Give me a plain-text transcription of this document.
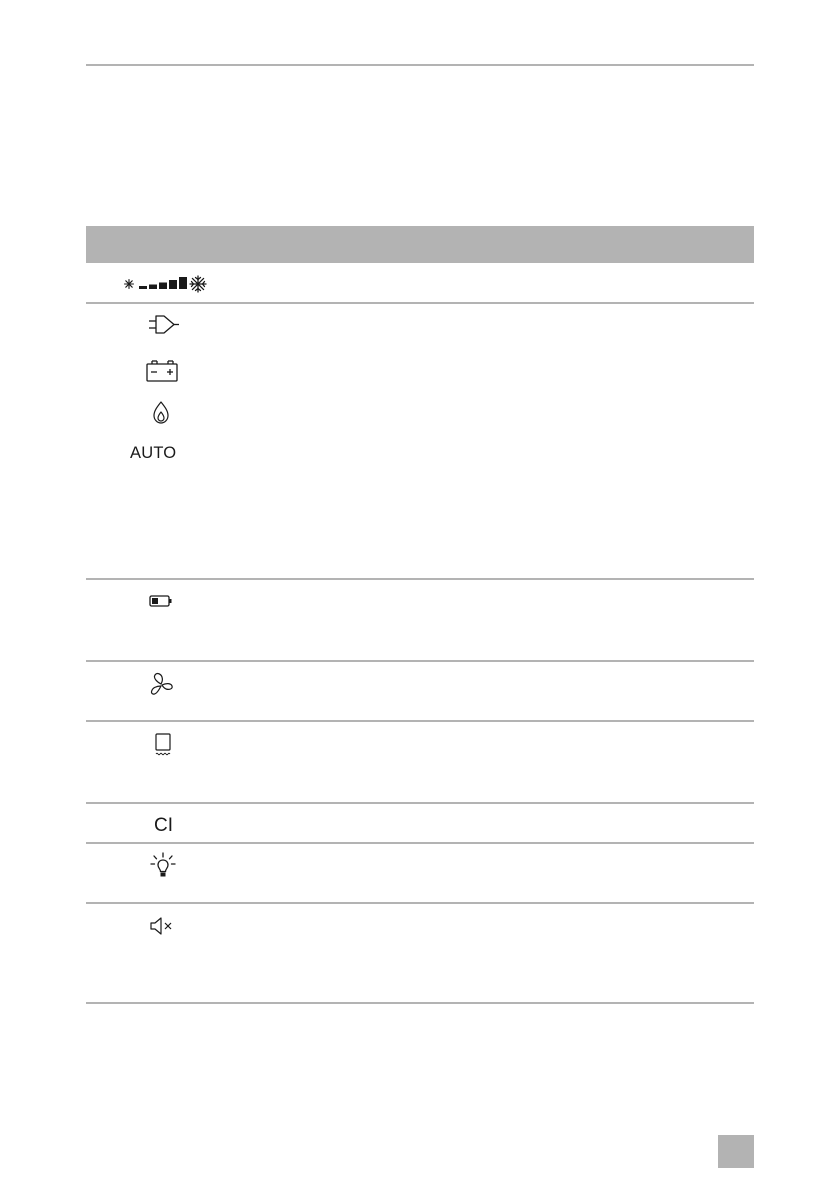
AUTO
CI
